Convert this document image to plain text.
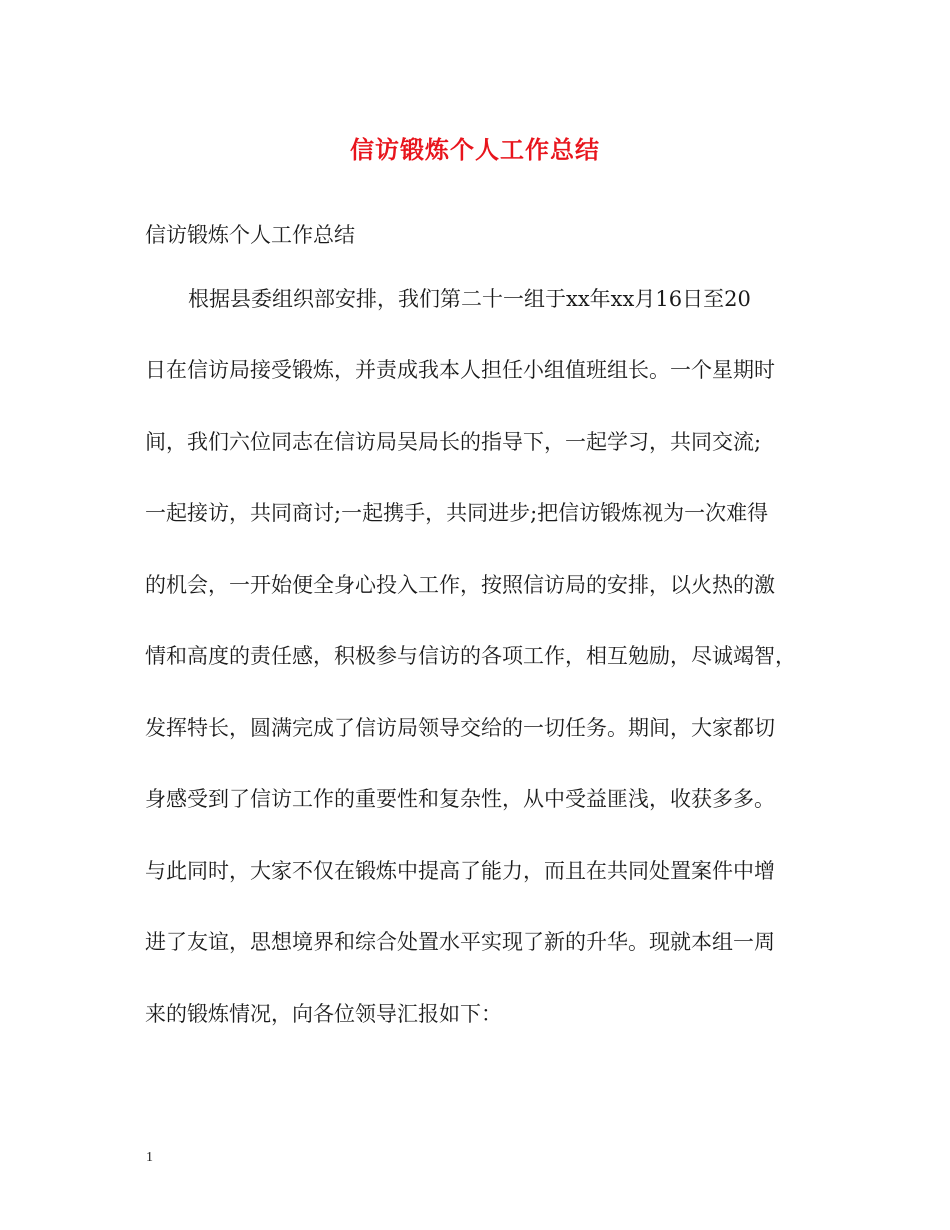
信访锻炼个人工作总结

信访锻炼个人工作总结

根据县委组织部安排，我们第二十一组于xx年xx月16日至20

日在信访局接受锻炼，并责成我本人担任小组值班组长。一个星期时

间，我们六位同志在信访局吴局长的指导下，一起学习，共同交流;

一起接访，共同商讨;一起携手，共同进步;把信访锻炼视为一次难得

的机会，一开始便全身心投入工作，按照信访局的安排，以火热的激

情和高度的责任感，积极参与信访的各项工作，相互勉励，尽诚竭智，

发挥特长，圆满完成了信访局领导交给的一切任务。期间，大家都切

身感受到了信访工作的重要性和复杂性，从中受益匪浅，收获多多。

与此同时，大家不仅在锻炼中提高了能力，而且在共同处置案件中增

进了友谊，思想境界和综合处置水平实现了新的升华。现就本组一周

来的锻炼情况，向各位领导汇报如下：

1
